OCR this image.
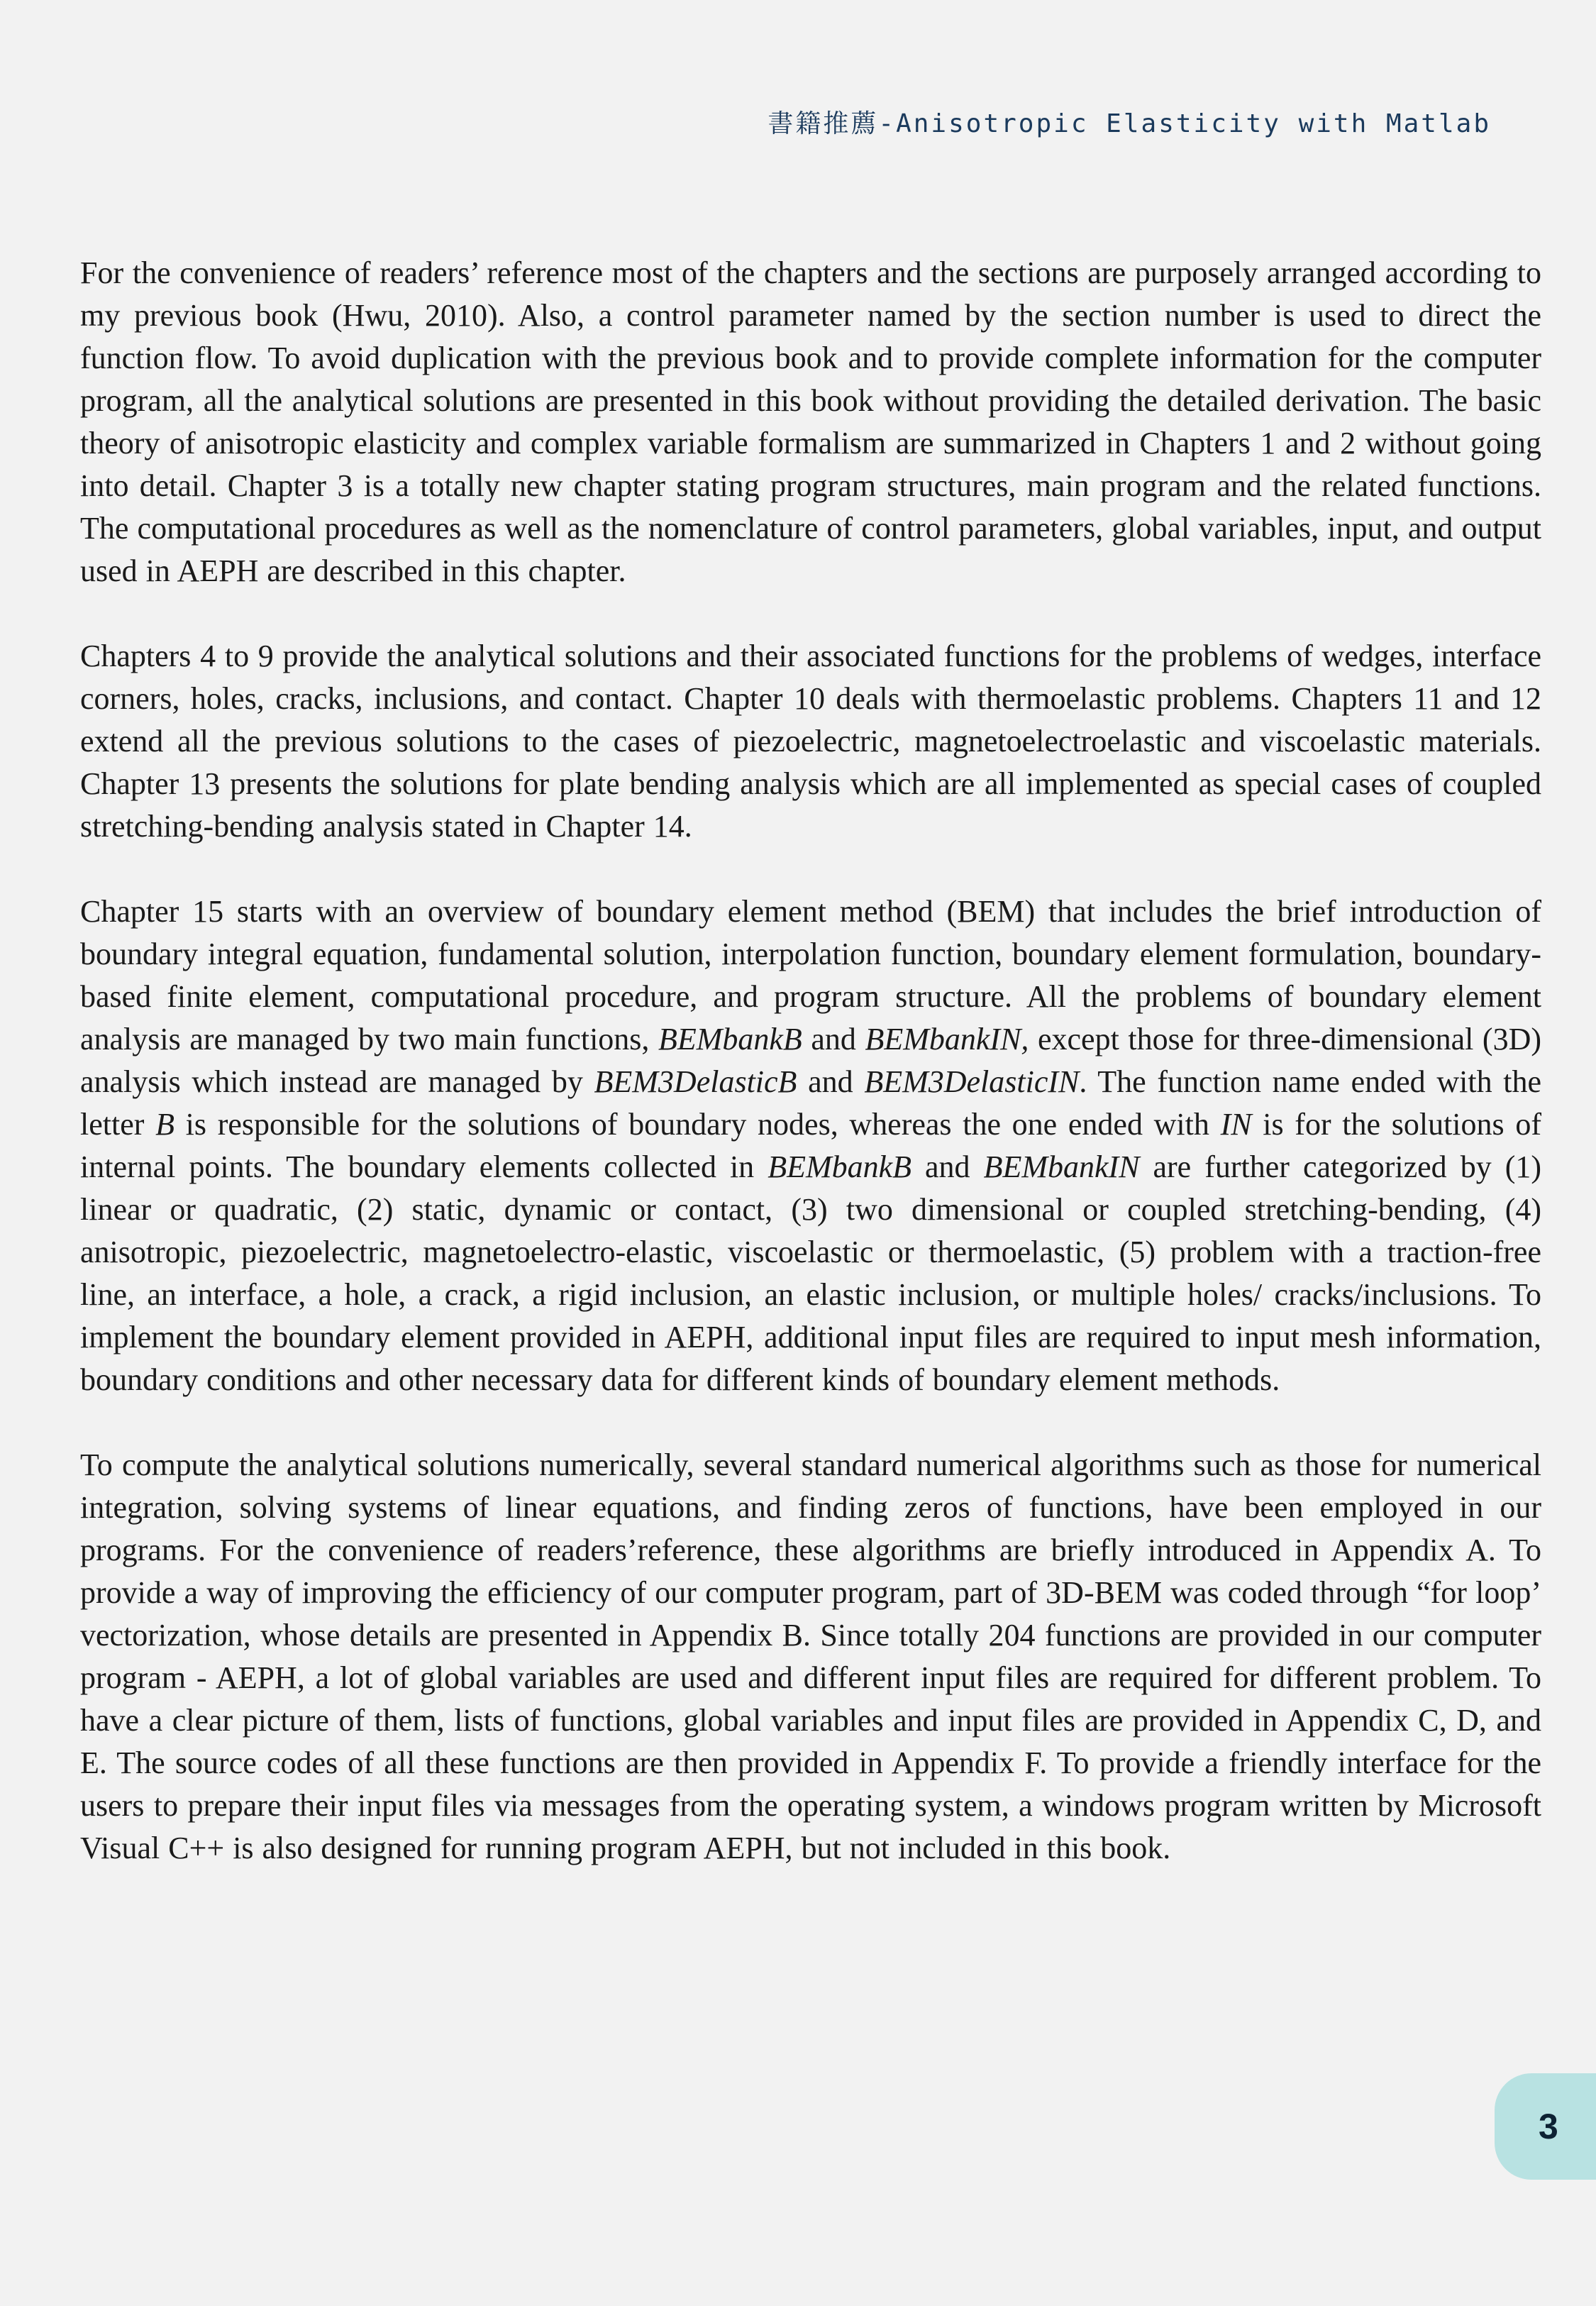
書籍推薦-Anisotropic Elasticity with Matlab

For the convenience of readers’ reference most of the chapters and the sections are purposely arranged according to my previous book (Hwu, 2010). Also, a control parameter named by the section number is used to direct the function flow. To avoid duplication with the previous book and to provide complete information for the computer program, all the analytical solutions are presented in this book without providing the detailed derivation. The basic theory of anisotropic elasticity and complex variable formalism are summarized in Chapters 1 and 2 without going into detail. Chapter 3 is a totally new chapter stating program structures, main program and the related functions. The computational procedures as well as the nomenclature of control parameters, global variables, input, and output used in AEPH are described in this chapter.

Chapters 4 to 9 provide the analytical solutions and their associated functions for the problems of wedges, interface corners, holes, cracks, inclusions, and contact. Chapter 10 deals with thermoelastic problems. Chapters 11 and 12 extend all the previous solutions to the cases of piezoelectric, magnetoelectroelastic and viscoelastic materials. Chapter 13 presents the solutions for plate bending analysis which are all implemented as special cases of coupled stretching-bending analysis stated in Chapter 14.

Chapter 15 starts with an overview of boundary element method (BEM) that includes the brief introduction of boundary integral equation, fundamental solution, interpolation function, boundary element formulation, boundary-based finite element, computational procedure, and program structure. All the problems of boundary element analysis are managed by two main functions, BEMbankB and BEMbankIN, except those for three-dimensional (3D) analysis which instead are managed by BEM3DelasticB and BEM3DelasticIN. The function name ended with the letter B is responsible for the solutions of boundary nodes, whereas the one ended with IN is for the solutions of internal points. The boundary elements collected in BEMbankB and BEMbankIN are further categorized by (1) linear or quadratic, (2) static, dynamic or contact, (3) two dimensional or coupled stretching-bending, (4) anisotropic, piezoelectric, magnetoelectro-elastic, viscoelastic or thermoelastic, (5) problem with a traction-free line, an interface, a hole, a crack, a rigid inclusion, an elastic inclusion, or multiple holes/ cracks/inclusions. To implement the boundary element provided in AEPH, additional input files are required to input mesh information, boundary conditions and other necessary data for different kinds of boundary element methods.

To compute the analytical solutions numerically, several standard numerical algorithms such as those for numerical integration, solving systems of linear equations, and finding zeros of functions, have been employed in our programs. For the convenience of readers’reference, these algorithms are briefly introduced in Appendix A. To provide a way of improving the efficiency of our computer program, part of 3D-BEM was coded through “for loop’ vectorization, whose details are presented in Appendix B. Since totally 204 functions are provided in our computer program - AEPH, a lot of global variables are used and different input files are required for different problem. To have a clear picture of them, lists of functions, global variables and input files are provided in Appendix C, D, and E. The source codes of all these functions are then provided in Appendix F. To provide a friendly interface for the users to prepare their input files via messages from the operating system, a windows program written by Microsoft Visual C++ is also designed for running program AEPH, but not included in this book.

3
